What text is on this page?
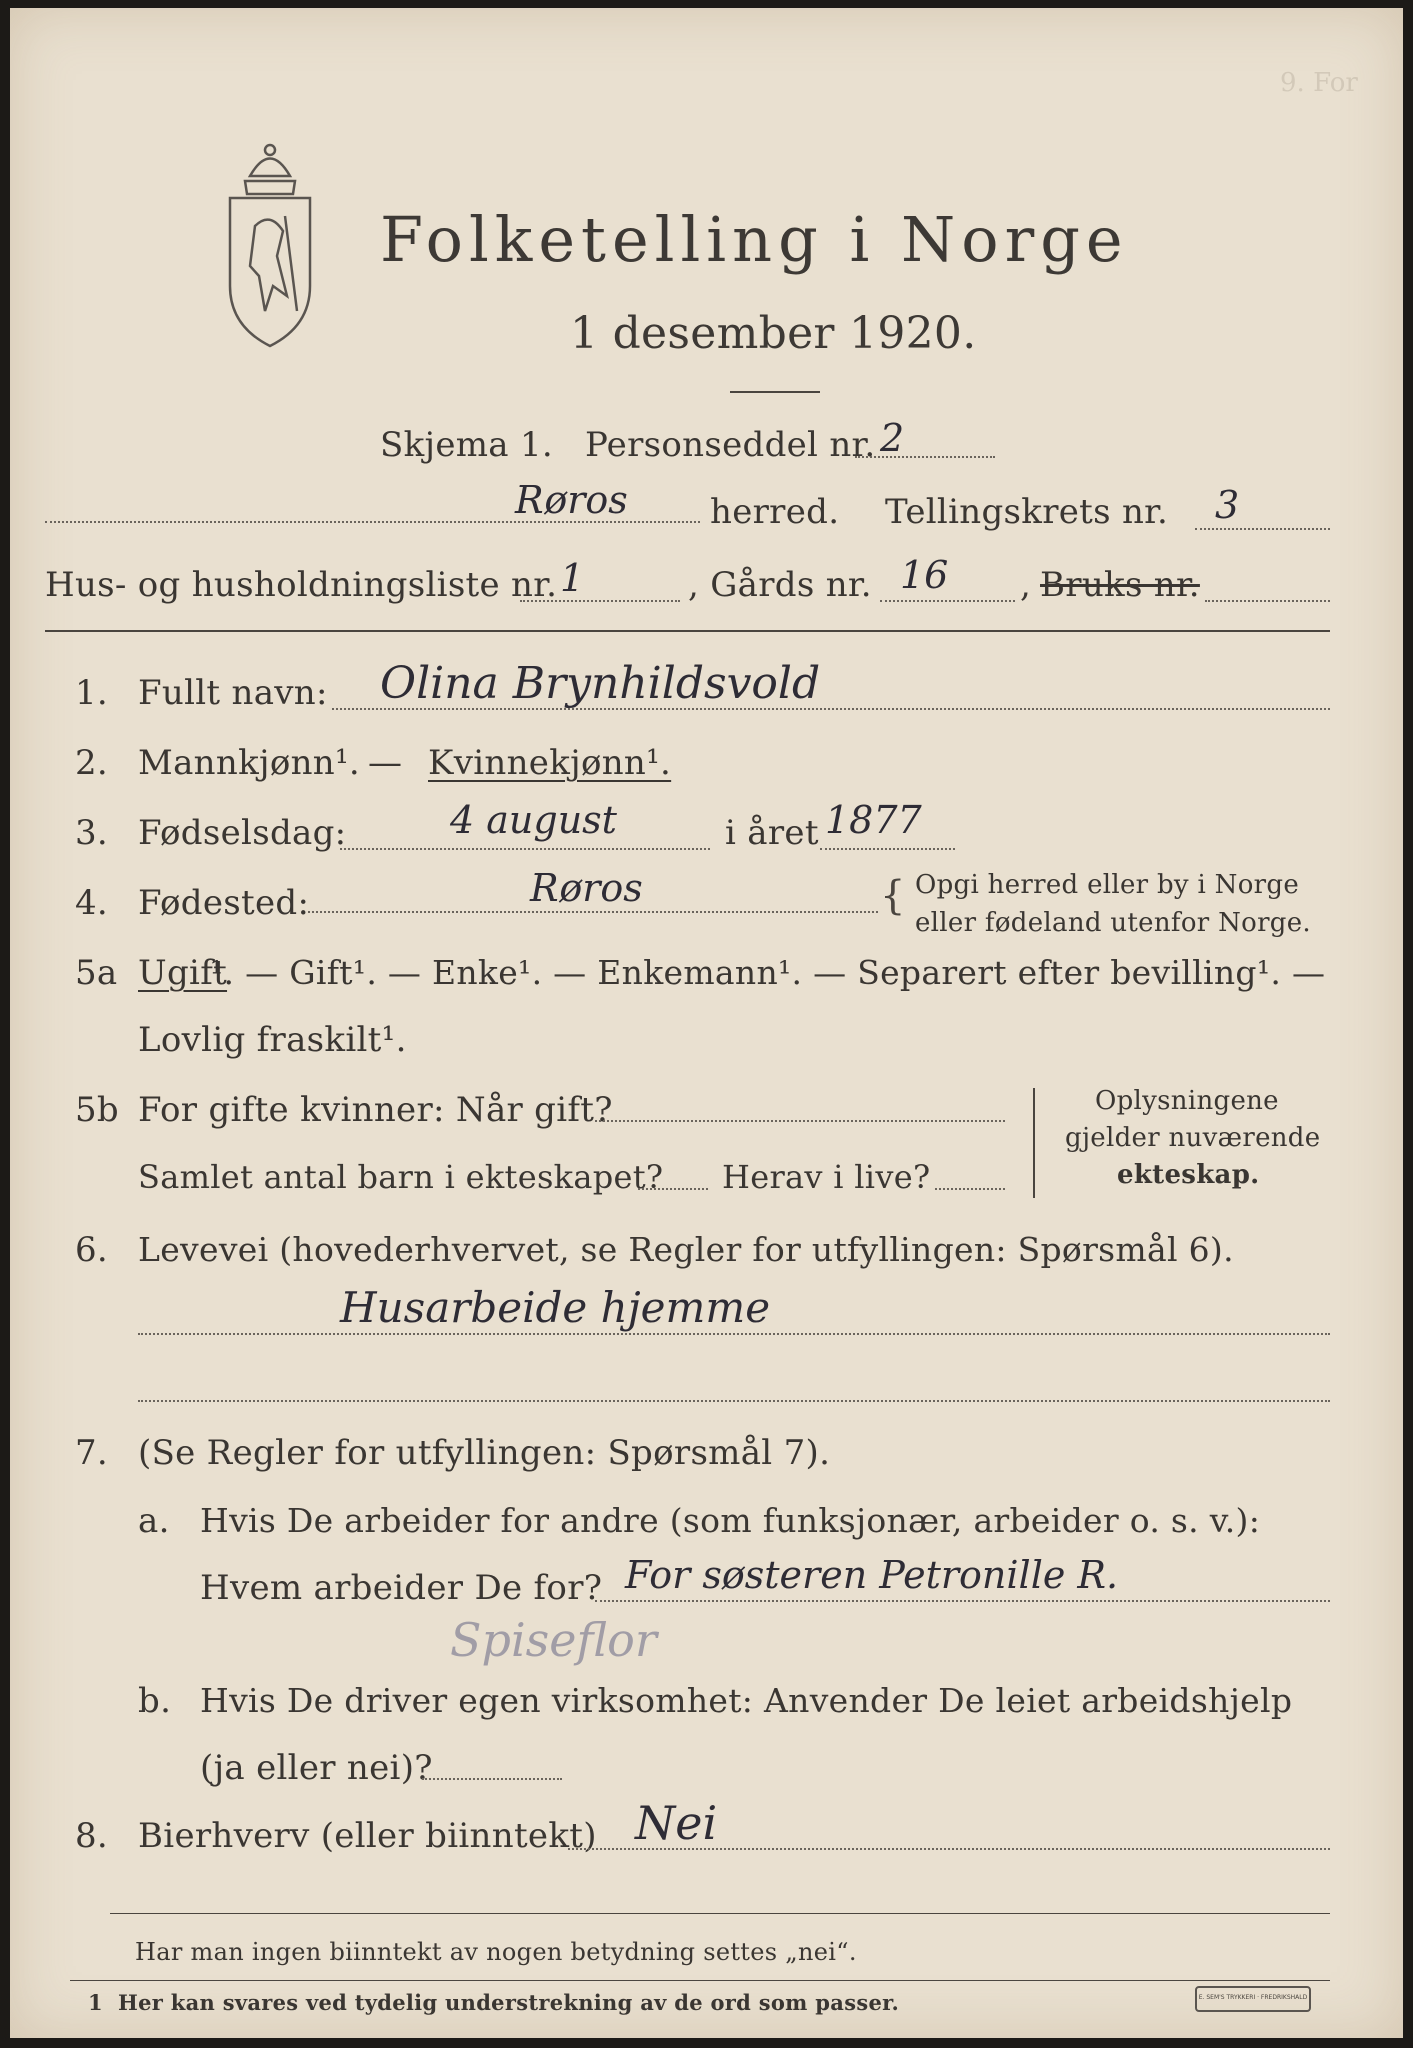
9. For
Folketelling i Norge
1 desember 1920.
Skjema 1. Personseddel nr. 2
Røros herred. Tellingskrets nr. 3
Hus- og husholdningsliste nr. 1	, Gårds nr. 16 , Bruks nr.
1. Fullt navn: Olina Brynhildsvold
2. Mannkjønn¹. — Kvinnekjønn¹.
3. Fødselsdag:	4 august	i året 1877
4. Fødested:	Røros	{ Opgi herred eller by i Norge
eller fødeland utenfor Norge.
5a Ugift
¹. — Gift¹. — Enke¹. — Enkemann¹. — Separert efter bevilling¹. —
Lovlig fraskilt¹.
5b For gifte kvinner: Når gift?
Samlet antal barn i ekteskapet? Herav i live?
Oplysningene
gjelder nuværende
ekteskap.
6. Levevei (hovederhvervet, se Regler for utfyllingen: Spørsmål 6).
Husarbeide hjemme
7. (Se Regler for utfyllingen: Spørsmål 7).
a. Hvis De arbeider for andre (som funksjonær, arbeider o. s. v.):
Hvem arbeider De for? For søsteren Petronille R.
Spiseflor
b. Hvis De driver egen virksomhet: Anvender De leiet arbeidshjelp
(ja eller nei)?
8. Bierhverv (eller biinntekt) Nei
Har man ingen biinntekt av nogen betydning settes „nei“.
1 Her kan svares ved tydelig understrekning av de ord som passer.	E. SEM'S TRYKKERI · FREDRIKSHALD
